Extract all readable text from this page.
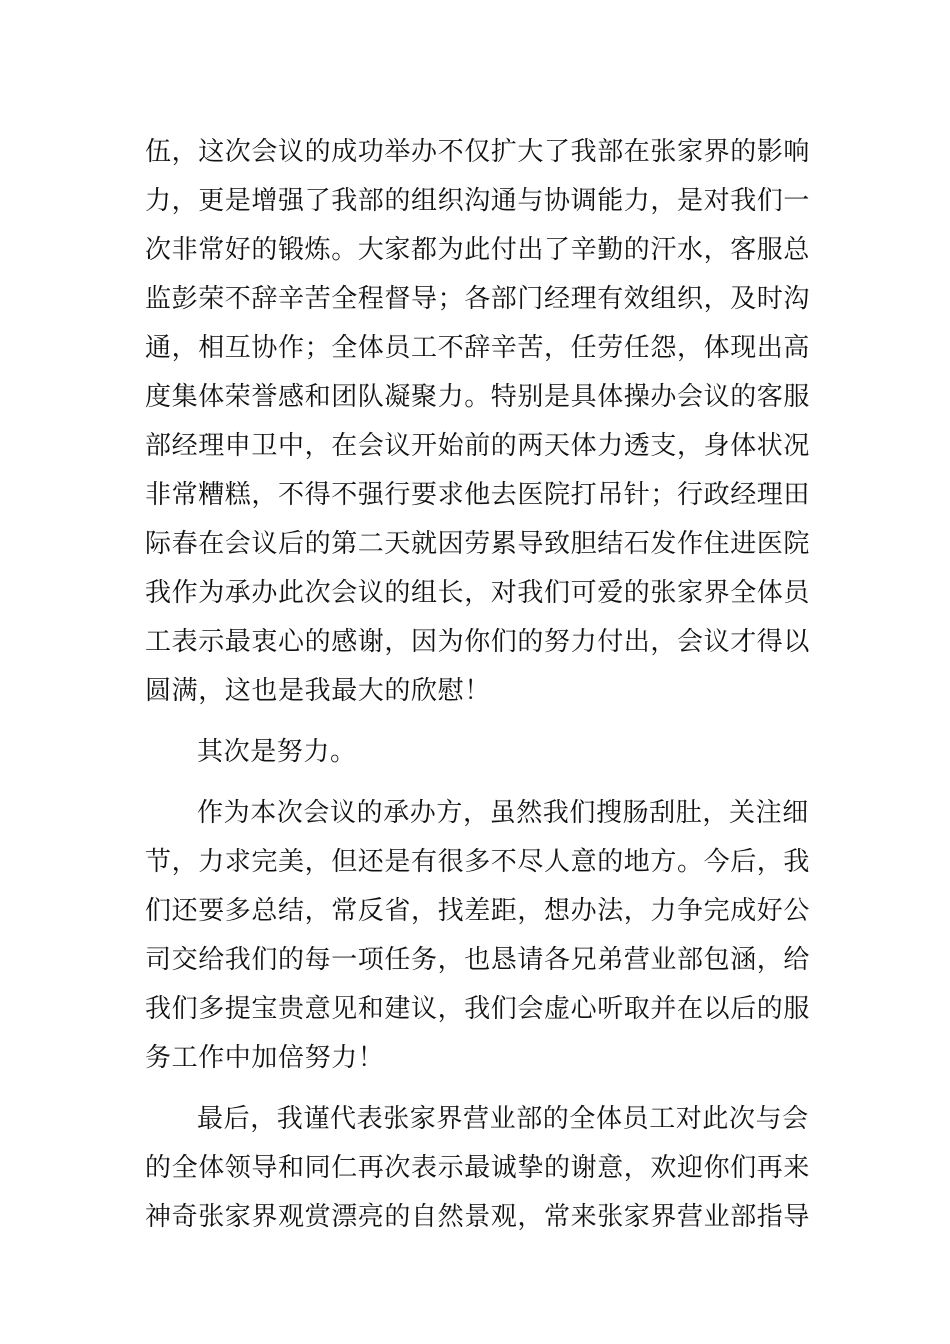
伍，这次会议的成功举办不仅扩大了我部在张家界的影响
力，更是增强了我部的组织沟通与协调能力，是对我们一
次非常好的锻炼。大家都为此付出了辛勤的汗水，客服总
监彭荣不辞辛苦全程督导；各部门经理有效组织，及时沟
通，相互协作；全体员工不辞辛苦，任劳任怨，体现出高
度集体荣誉感和团队凝聚力。特别是具体操办会议的客服
部经理申卫中，在会议开始前的两天体力透支，身体状况
非常糟糕，不得不强行要求他去医院打吊针；行政经理田
际春在会议后的第二天就因劳累导致胆结石发作住进医院
我作为承办此次会议的组长，对我们可爱的张家界全体员
工表示最衷心的感谢，因为你们的努力付出，会议才得以
圆满，这也是我最大的欣慰！
其次是努力。
作为本次会议的承办方，虽然我们搜肠刮肚，关注细
节，力求完美，但还是有很多不尽人意的地方。今后，我
们还要多总结，常反省，找差距，想办法，力争完成好公
司交给我们的每一项任务，也恳请各兄弟营业部包涵，给
我们多提宝贵意见和建议，我们会虚心听取并在以后的服
务工作中加倍努力！
最后，我谨代表张家界营业部的全体员工对此次与会
的全体领导和同仁再次表示最诚挚的谢意，欢迎你们再来
神奇张家界观赏漂亮的自然景观，常来张家界营业部指导
